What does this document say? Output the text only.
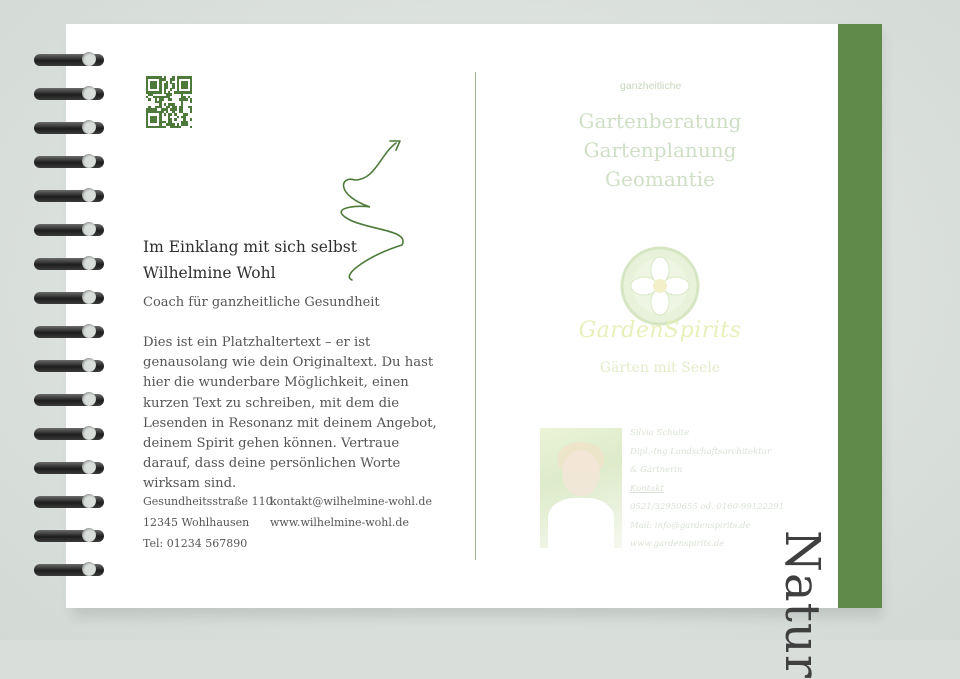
Natur
Im Einklang mit sich selbst
Wilhelmine Wohl
Coach für ganzheitliche Gesundheit
Dies ist ein Platzhaltertext – er ist genausolang wie dein Originaltext. Du hast hier die wunderbare Möglichkeit, einen kurzen Text zu schreiben, mit dem die Lesenden in Resonanz mit deinem Angebot, deinem Spirit gehen können. Vertraue darauf, dass deine persönlichen Worte wirksam sind.
Gesundheitsstraße 110
12345 Wohlhausen
Tel: 01234 567890
kontakt@wilhelmine-wohl.de
www.wilhelmine-wohl.de
ganzheitliche
Gartenberatung
Gartenplanung
Geomantie
GardenSpirits
Gärten mit Seele
Silvia Schulte
Dipl.-Ing Landschaftsarchitektur
& Gärtnerin
Kontakt
0521/32950655 od. 0160-99122291
Mail: info@gardenspirits.de
www.gardenspirits.de
